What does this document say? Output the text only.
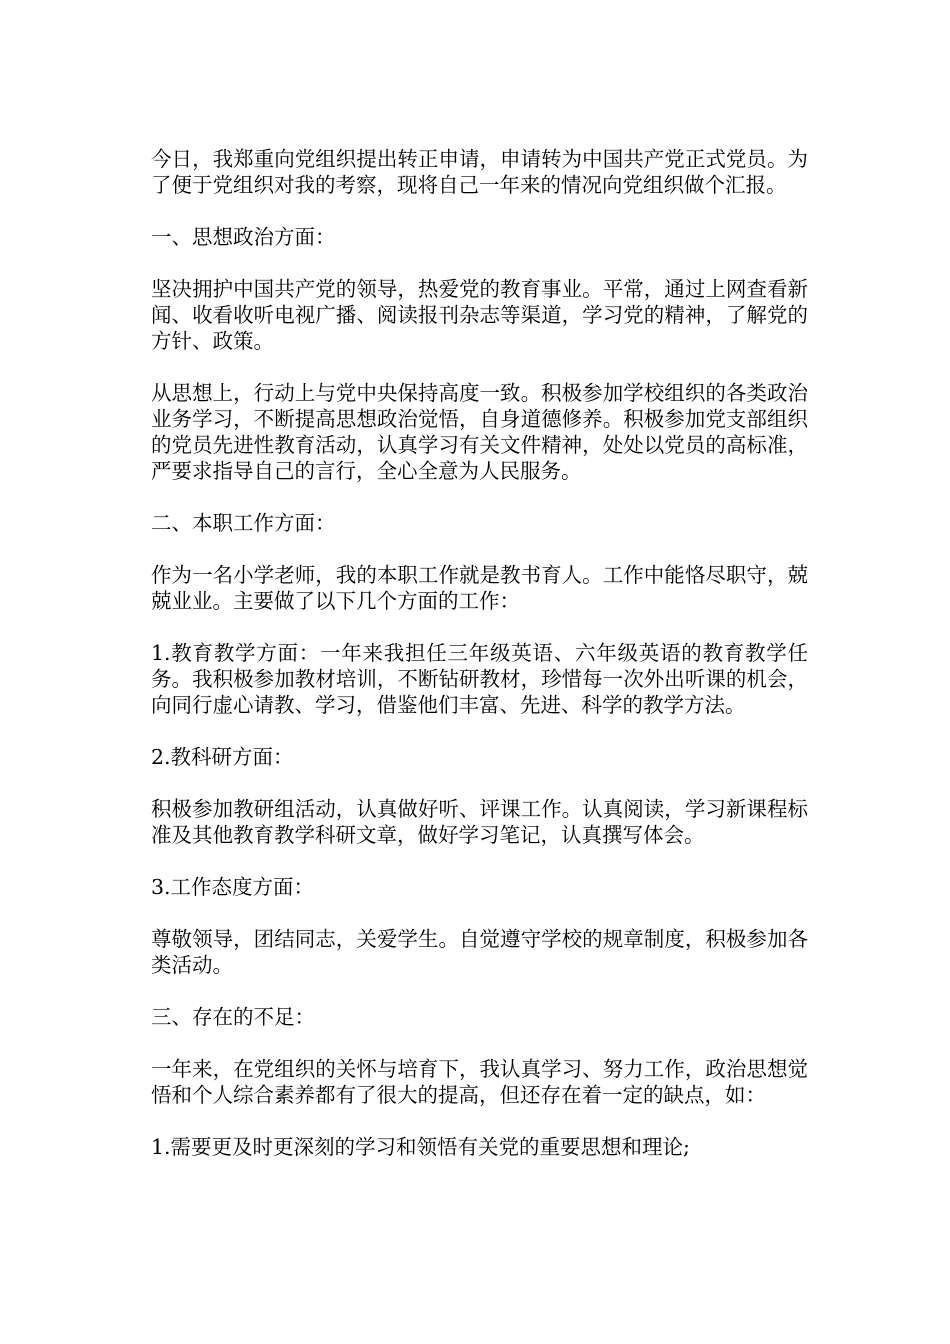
今日，我郑重向党组织提出转正申请，申请转为中国共产党正式党员。为了便于党组织对我的考察，现将自己一年来的情况向党组织做个汇报。

一、思想政治方面：

坚决拥护中国共产党的领导，热爱党的教育事业。平常，通过上网查看新闻、收看收听电视广播、阅读报刊杂志等渠道，学习党的精神，了解党的方针、政策。

从思想上，行动上与党中央保持高度一致。积极参加学校组织的各类政治业务学习，不断提高思想政治觉悟，自身道德修养。积极参加党支部组织的党员先进性教育活动，认真学习有关文件精神，处处以党员的高标准，严要求指导自己的言行，全心全意为人民服务。

二、本职工作方面：

作为一名小学老师，我的本职工作就是教书育人。工作中能恪尽职守，兢兢业业。主要做了以下几个方面的工作：

1.教育教学方面：一年来我担任三年级英语、六年级英语的教育教学任务。我积极参加教材培训，不断钻研教材，珍惜每一次外出听课的机会，向同行虚心请教、学习，借鉴他们丰富、先进、科学的教学方法。

2.教科研方面：

积极参加教研组活动，认真做好听、评课工作。认真阅读，学习新课程标准及其他教育教学科研文章，做好学习笔记，认真撰写体会。

3.工作态度方面：

尊敬领导，团结同志，关爱学生。自觉遵守学校的规章制度，积极参加各类活动。

三、存在的不足：

一年来，在党组织的关怀与培育下，我认真学习、努力工作，政治思想觉悟和个人综合素养都有了很大的提高，但还存在着一定的缺点，如：

1.需要更及时更深刻的学习和领悟有关党的重要思想和理论;
